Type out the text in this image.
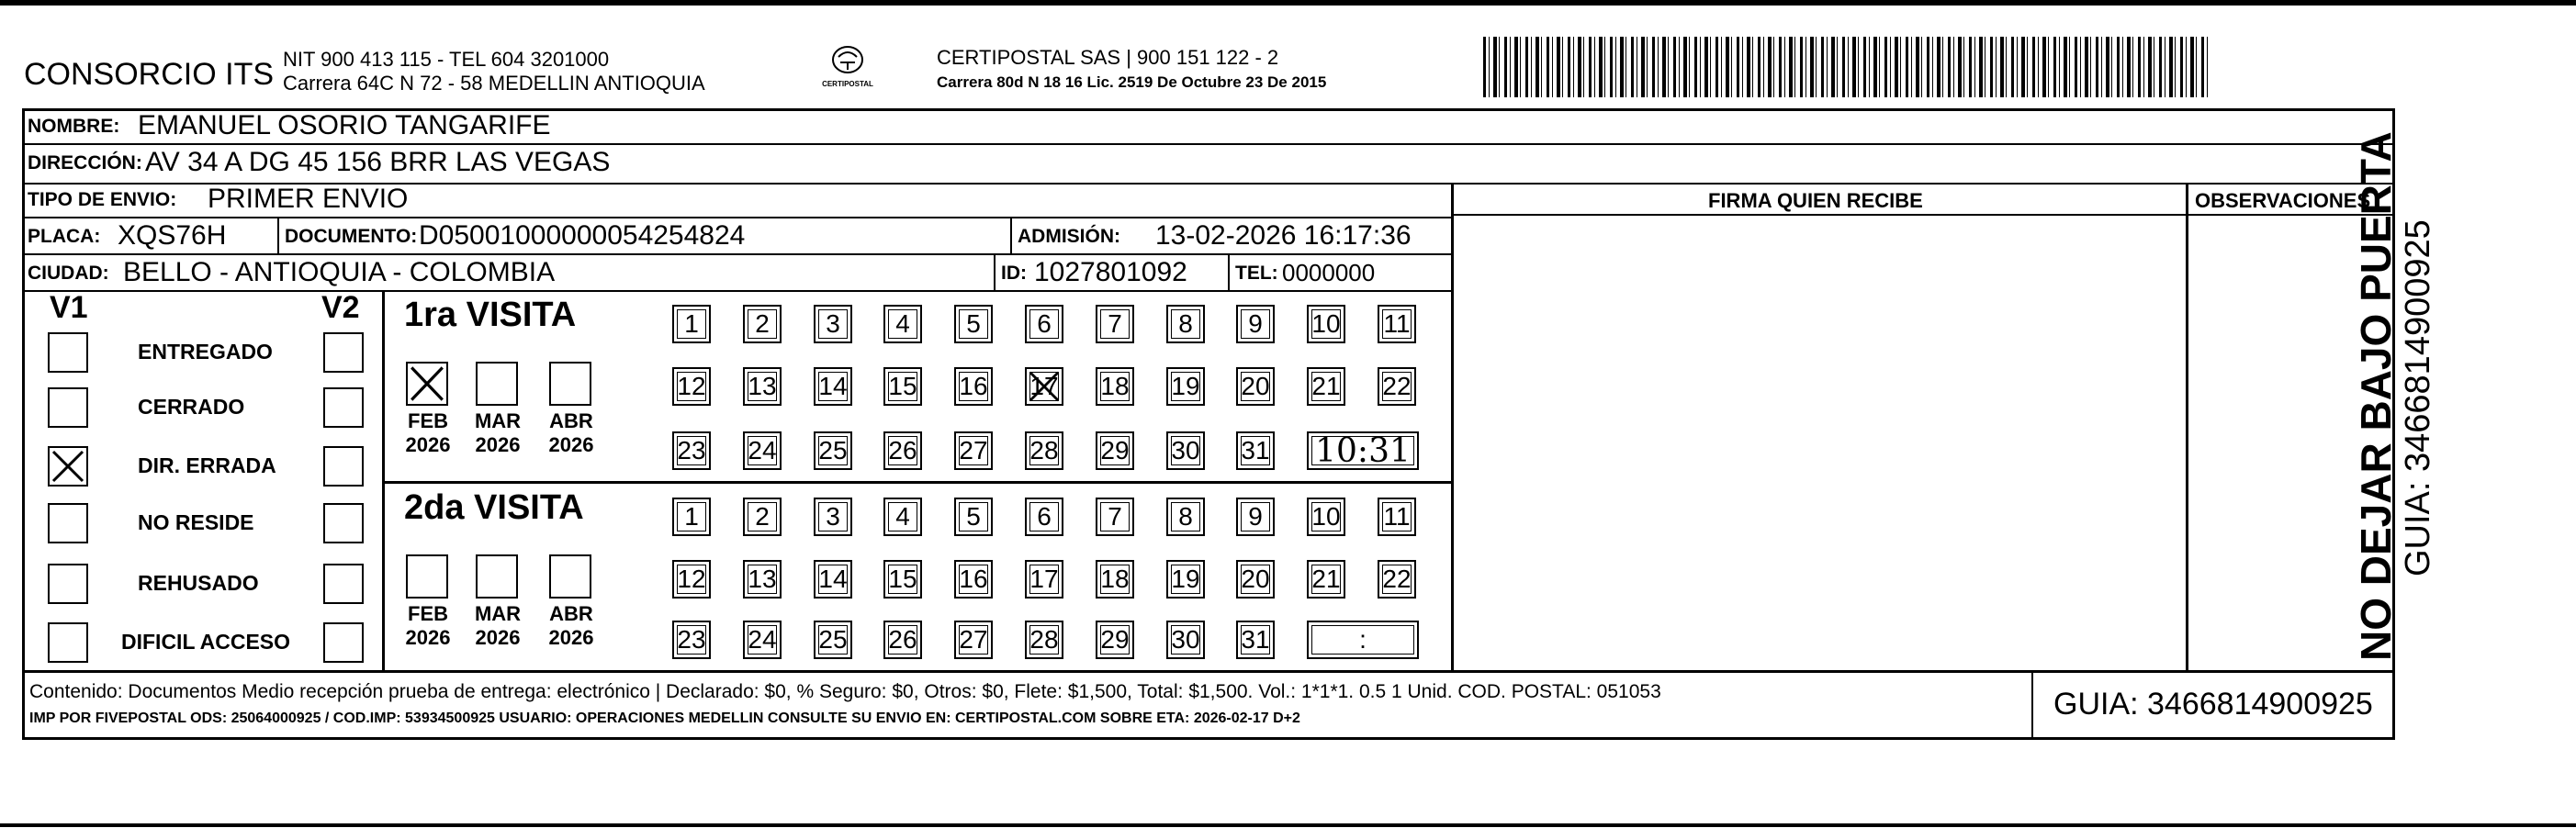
CONSORCIO ITS NIT 900 413 115 - TEL 604 3201000
Carrera 64C N 72 - 58 MEDELLIN ANTIOQUIA	CERTIPOSTAL
CERTIPOSTAL SAS | 900 151 122 - 2
Carrera 80d N 18 16 Lic. 2519 De Octubre 23 De 2015
NOMBRE: EMANUEL OSORIO TANGARIFE
DIRECCIÓN: AV 34 A DG 45 156 BRR LAS VEGAS
TIPO DE ENVIO: PRIMER ENVIO	FIRMA QUIEN RECIBE	OBSERVACIONES
PLACA: XQS76H	DOCUMENTO: D05001000000054254824	ADMISIÓN: 13-02-2026 16:17:36
CIUDAD: BELLO - ANTIOQUIA - COLOMBIA	ID: 1027801092 TEL: 0000000
V1	V2
ENTREGADO
CERRADO
DIR. ERRADA
NO RESIDE
REHUSADO
DIFICIL ACCESO
1ra VISITA
FEB
2026
MAR
2026
ABR
2026
1	2	3	4	5	6	7	8	9	10 11
12 13 14 15 16 17 18 19 20 21 22
23 24 25 26 27 28 29 30 31 10:31
2da VISITA
FEB
2026
MAR
2026
ABR
2026
1	2	3	4	5	6	7	8	9	10 11
12 13 14 15 16 17 18 19 20 21 22
23 24 25 26 27 28 29 30 31	:
Contenido: Documentos Medio recepción prueba de entrega: electrónico | Declarado: $0, % Seguro: $0, Otros: $0, Flete: $1,500, Total: $1,500. Vol.: 1*1*1. 0.5 1 Unid. COD. POSTAL: 051053
IMP POR FIVEPOSTAL ODS: 25064000925 / COD.IMP: 53934500925 USUARIO: OPERACIONES MEDELLIN CONSULTE SU ENVIO EN: CERTIPOSTAL.COM SOBRE ETA: 2026-02-17 D+2	GUIA: 3466814900925
NO DEJAR BAJO PUERTA GUIA: 3466814900925
